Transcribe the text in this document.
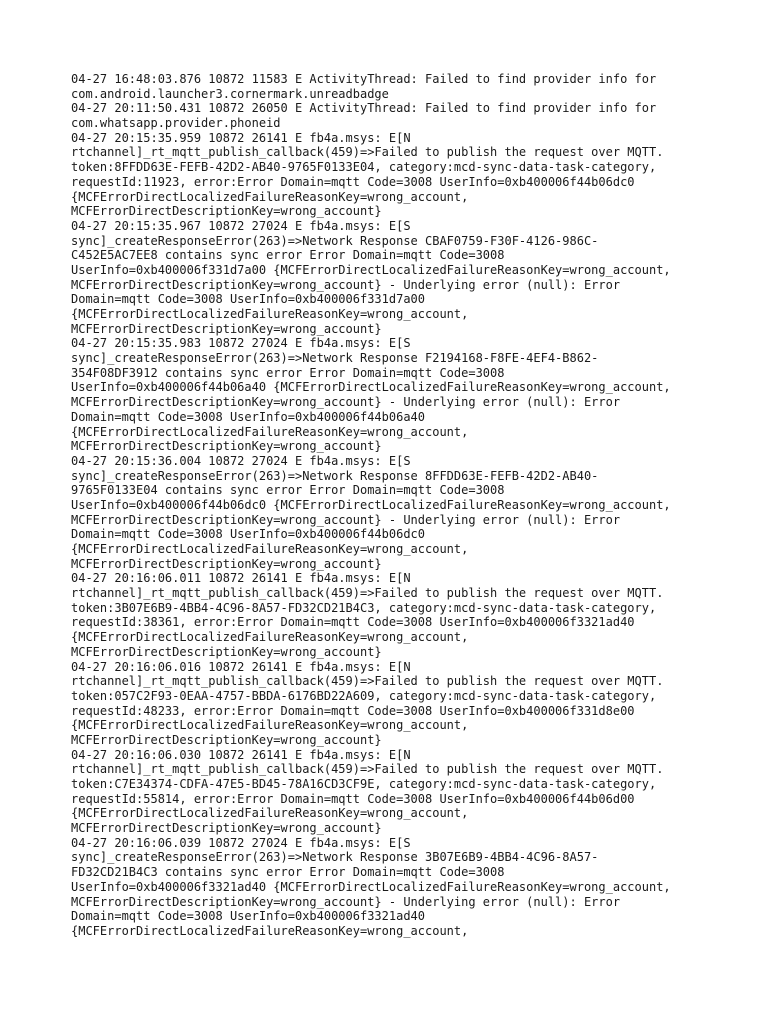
04-27 16:48:03.876 10872 11583 E ActivityThread: Failed to find provider info for
com.android.launcher3.cornermark.unreadbadge
04-27 20:11:50.431 10872 26050 E ActivityThread: Failed to find provider info for
com.whatsapp.provider.phoneid
04-27 20:15:35.959 10872 26141 E fb4a.msys: E[N
rtchannel]_rt_mqtt_publish_callback(459)=>Failed to publish the request over MQTT.
token:8FFDD63E-FEFB-42D2-AB40-9765F0133E04, category:mcd-sync-data-task-category,
requestId:11923, error:Error Domain=mqtt Code=3008 UserInfo=0xb400006f44b06dc0
{MCFErrorDirectLocalizedFailureReasonKey=wrong_account,
MCFErrorDirectDescriptionKey=wrong_account}
04-27 20:15:35.967 10872 27024 E fb4a.msys: E[S
sync]_createResponseError(263)=>Network Response CBAF0759-F30F-4126-986C-
C452E5AC7EE8 contains sync error Error Domain=mqtt Code=3008
UserInfo=0xb400006f331d7a00 {MCFErrorDirectLocalizedFailureReasonKey=wrong_account,
MCFErrorDirectDescriptionKey=wrong_account} - Underlying error (null): Error
Domain=mqtt Code=3008 UserInfo=0xb400006f331d7a00
{MCFErrorDirectLocalizedFailureReasonKey=wrong_account,
MCFErrorDirectDescriptionKey=wrong_account}
04-27 20:15:35.983 10872 27024 E fb4a.msys: E[S
sync]_createResponseError(263)=>Network Response F2194168-F8FE-4EF4-B862-
354F08DF3912 contains sync error Error Domain=mqtt Code=3008
UserInfo=0xb400006f44b06a40 {MCFErrorDirectLocalizedFailureReasonKey=wrong_account,
MCFErrorDirectDescriptionKey=wrong_account} - Underlying error (null): Error
Domain=mqtt Code=3008 UserInfo=0xb400006f44b06a40
{MCFErrorDirectLocalizedFailureReasonKey=wrong_account,
MCFErrorDirectDescriptionKey=wrong_account}
04-27 20:15:36.004 10872 27024 E fb4a.msys: E[S
sync]_createResponseError(263)=>Network Response 8FFDD63E-FEFB-42D2-AB40-
9765F0133E04 contains sync error Error Domain=mqtt Code=3008
UserInfo=0xb400006f44b06dc0 {MCFErrorDirectLocalizedFailureReasonKey=wrong_account,
MCFErrorDirectDescriptionKey=wrong_account} - Underlying error (null): Error
Domain=mqtt Code=3008 UserInfo=0xb400006f44b06dc0
{MCFErrorDirectLocalizedFailureReasonKey=wrong_account,
MCFErrorDirectDescriptionKey=wrong_account}
04-27 20:16:06.011 10872 26141 E fb4a.msys: E[N
rtchannel]_rt_mqtt_publish_callback(459)=>Failed to publish the request over MQTT.
token:3B07E6B9-4BB4-4C96-8A57-FD32CD21B4C3, category:mcd-sync-data-task-category,
requestId:38361, error:Error Domain=mqtt Code=3008 UserInfo=0xb400006f3321ad40
{MCFErrorDirectLocalizedFailureReasonKey=wrong_account,
MCFErrorDirectDescriptionKey=wrong_account}
04-27 20:16:06.016 10872 26141 E fb4a.msys: E[N
rtchannel]_rt_mqtt_publish_callback(459)=>Failed to publish the request over MQTT.
token:057C2F93-0EAA-4757-BBDA-6176BD22A609, category:mcd-sync-data-task-category,
requestId:48233, error:Error Domain=mqtt Code=3008 UserInfo=0xb400006f331d8e00
{MCFErrorDirectLocalizedFailureReasonKey=wrong_account,
MCFErrorDirectDescriptionKey=wrong_account}
04-27 20:16:06.030 10872 26141 E fb4a.msys: E[N
rtchannel]_rt_mqtt_publish_callback(459)=>Failed to publish the request over MQTT.
token:C7E34374-CDFA-47E5-BD45-78A16CD3CF9E, category:mcd-sync-data-task-category,
requestId:55814, error:Error Domain=mqtt Code=3008 UserInfo=0xb400006f44b06d00
{MCFErrorDirectLocalizedFailureReasonKey=wrong_account,
MCFErrorDirectDescriptionKey=wrong_account}
04-27 20:16:06.039 10872 27024 E fb4a.msys: E[S
sync]_createResponseError(263)=>Network Response 3B07E6B9-4BB4-4C96-8A57-
FD32CD21B4C3 contains sync error Error Domain=mqtt Code=3008
UserInfo=0xb400006f3321ad40 {MCFErrorDirectLocalizedFailureReasonKey=wrong_account,
MCFErrorDirectDescriptionKey=wrong_account} - Underlying error (null): Error
Domain=mqtt Code=3008 UserInfo=0xb400006f3321ad40
{MCFErrorDirectLocalizedFailureReasonKey=wrong_account,
